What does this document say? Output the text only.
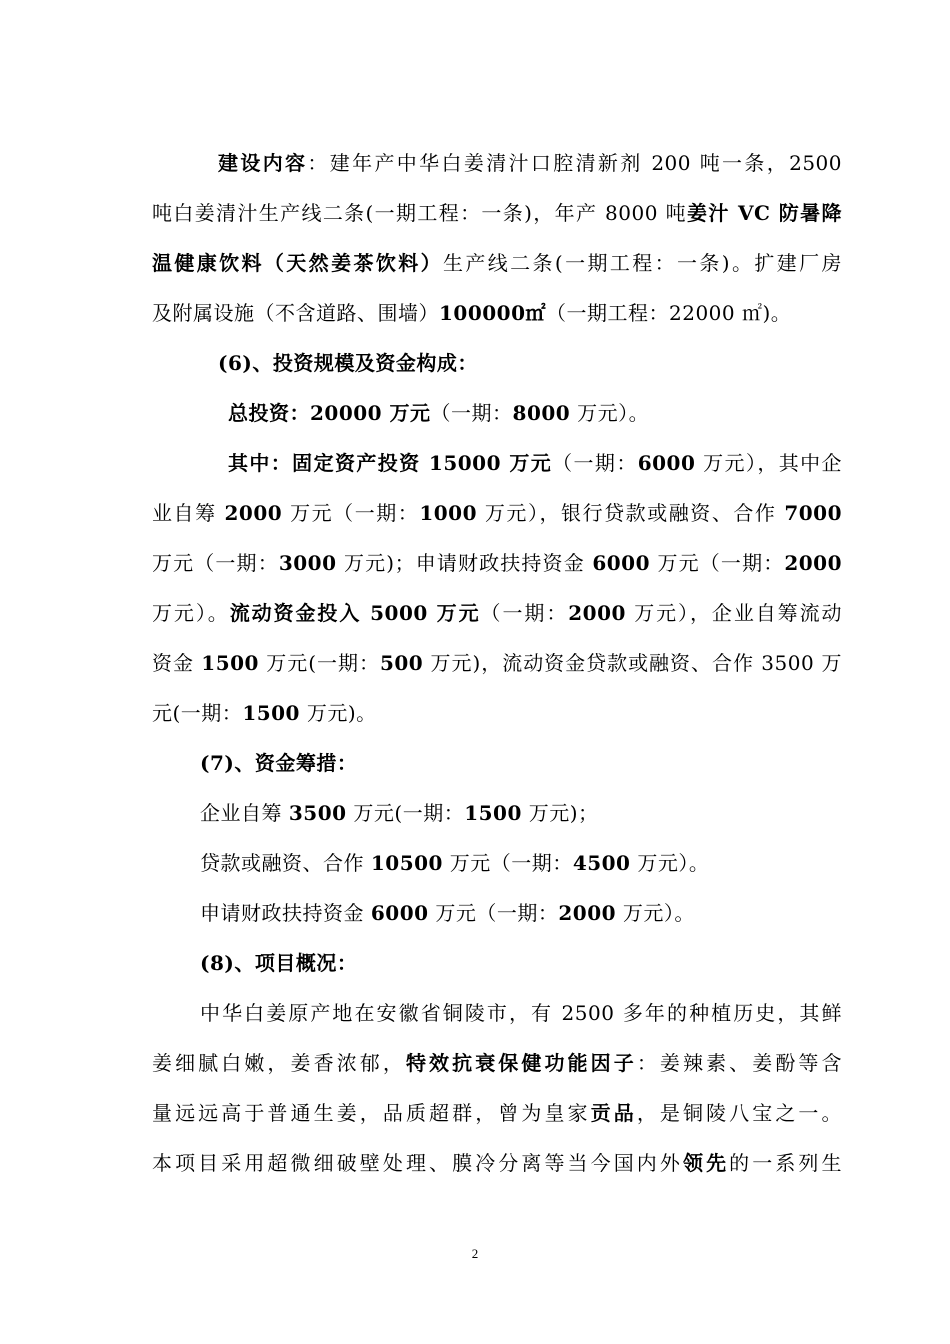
建设内容：建年产中华白姜清汁口腔清新剂 200 吨一条，2500
吨白姜清汁生产线二条(一期工程：一条)，年产 8000 吨姜汁 VC 防暑降
温健康饮料（天然姜茶饮料）生产线二条(一期工程：一条)。扩建厂房
及附属设施（不含道路、围墙）100000㎡（一期工程：22000 ㎡)。
(6)、投资规模及资金构成：
总投资：20000 万元（一期：8000 万元）。
其中：固定资产投资 15000 万元（一期：6000 万元），其中企
业自筹 2000 万元（一期：1000 万元），银行贷款或融资、合作 7000
万元（一期：3000 万元)；申请财政扶持资金 6000 万元（一期：2000
万元）。流动资金投入 5000 万元（一期：2000 万元），企业自筹流动
资金 1500 万元(一期：500 万元)，流动资金贷款或融资、合作 3500 万
元(一期：1500 万元)。
(7)、资金筹措：
企业自筹 3500 万元(一期：1500 万元)；
贷款或融资、合作 10500 万元（一期：4500 万元）。
申请财政扶持资金 6000 万元（一期：2000 万元）。
(8)、项目概况：
中华白姜原产地在安徽省铜陵市，有 2500 多年的种植历史，其鲜
姜细腻白嫩，姜香浓郁，特效抗衰保健功能因子：姜辣素、姜酚等含
量远远高于普通生姜，品质超群，曾为皇家贡品，是铜陵八宝之一。
本项目采用超微细破壁处理、膜冷分离等当今国内外领先的一系列生
2
